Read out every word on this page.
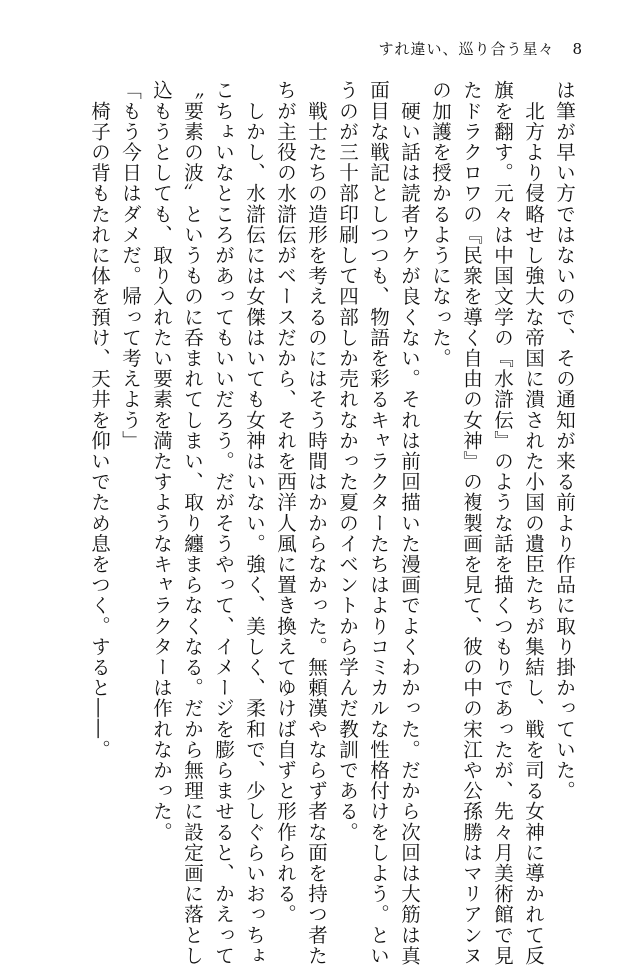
すれ違い、巡り合う星々 8
は筆が早い方ではないので、その通知が来る前より作品に取り掛かっていた。
　北方より侵略せし強大な帝国に潰された小国の遺臣たちが集結し、戦を司る女神に導かれて反
旗を翻す。元々は中国文学の『水滸伝』のような話を描くつもりであったが、先々月美術館で見
たドラクロワの『民衆を導く自由の女神』の複製画を見て、彼の中の宋江や公孫勝はマリアンヌ
の加護を授かるようになった。
　硬い話は読者ウケが良くない。それは前回描いた漫画でよくわかった。だから次回は大筋は真
面目な戦記としつつも、物語を彩るキャラクターたちはよりコミカルな性格付けをしよう。とい
うのが三十部印刷して四部しか売れなかった夏のイベントから学んだ教訓である。
　戦士たちの造形を考えるのにはそう時間はかからなかった。無頼漢やならず者な面を持つ者た
ちが主役の水滸伝がベースだから、それを西洋人風に置き換えてゆけば自ずと形作られる。
　しかし、水滸伝には女傑はいても女神はいない。強く、美しく、柔和で、少しぐらいおっちょ
こちょいなところがあってもいいだろう。だがそうやって、イメージを膨らませると、かえって
〝要素の波〟というものに呑まれてしまい、取り纏まらなくなる。だから無理に設定画に落とし
込もうとしても、取り入れたい要素を満たすようなキャラクターは作れなかった。
「もう今日はダメだ。帰って考えよう」
　椅子の背もたれに体を預け、天井を仰いでため息をつく。すると――。
